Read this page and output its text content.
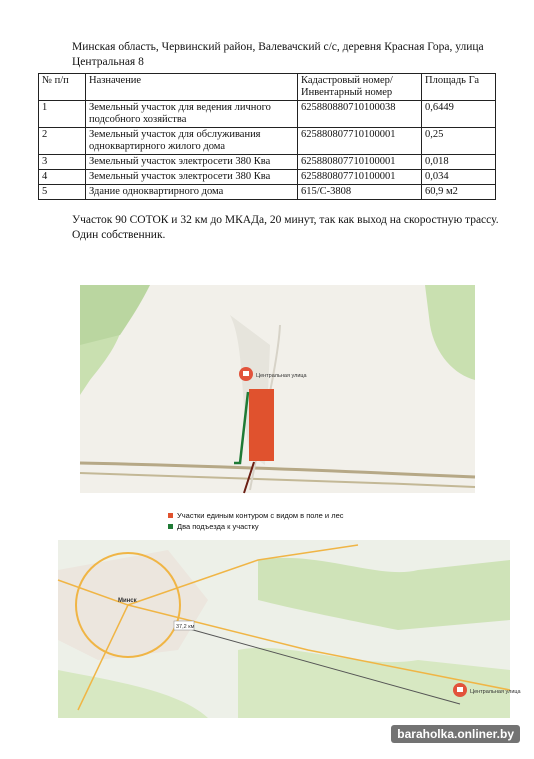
Минская область, Червинский район, Валевачский с/с, деревня Красная Гора, улица Центральная 8
№ п/п	Назначение	Кадастровый номер/ Инвентарный номер	Площадь Га
1	Земельный участок для ведения личного подсобного хозяйства	625880880710100038	0,6449
2	Земельный участок для обслуживания одноквартирного жилого дома	625880807710100001	0,25
3	Земельный участок электросети 380 Ква	625880807710100001	0,018
4	Земельный участок электросети 380 Ква	625880807710100001	0,034
5	Здание одноквартирного дома	615/С-3808	60,9 м2
Участок 90 СОТОК и 32 км до МКАДа, 20 минут, так как выход на скоростную трассу. Один собственник.
Центральная улица
Участки единым контуром с видом в поле и лес
Два подъезда к участку
37,2 км
Минск
Центральная улица
baraholka.onliner.by
